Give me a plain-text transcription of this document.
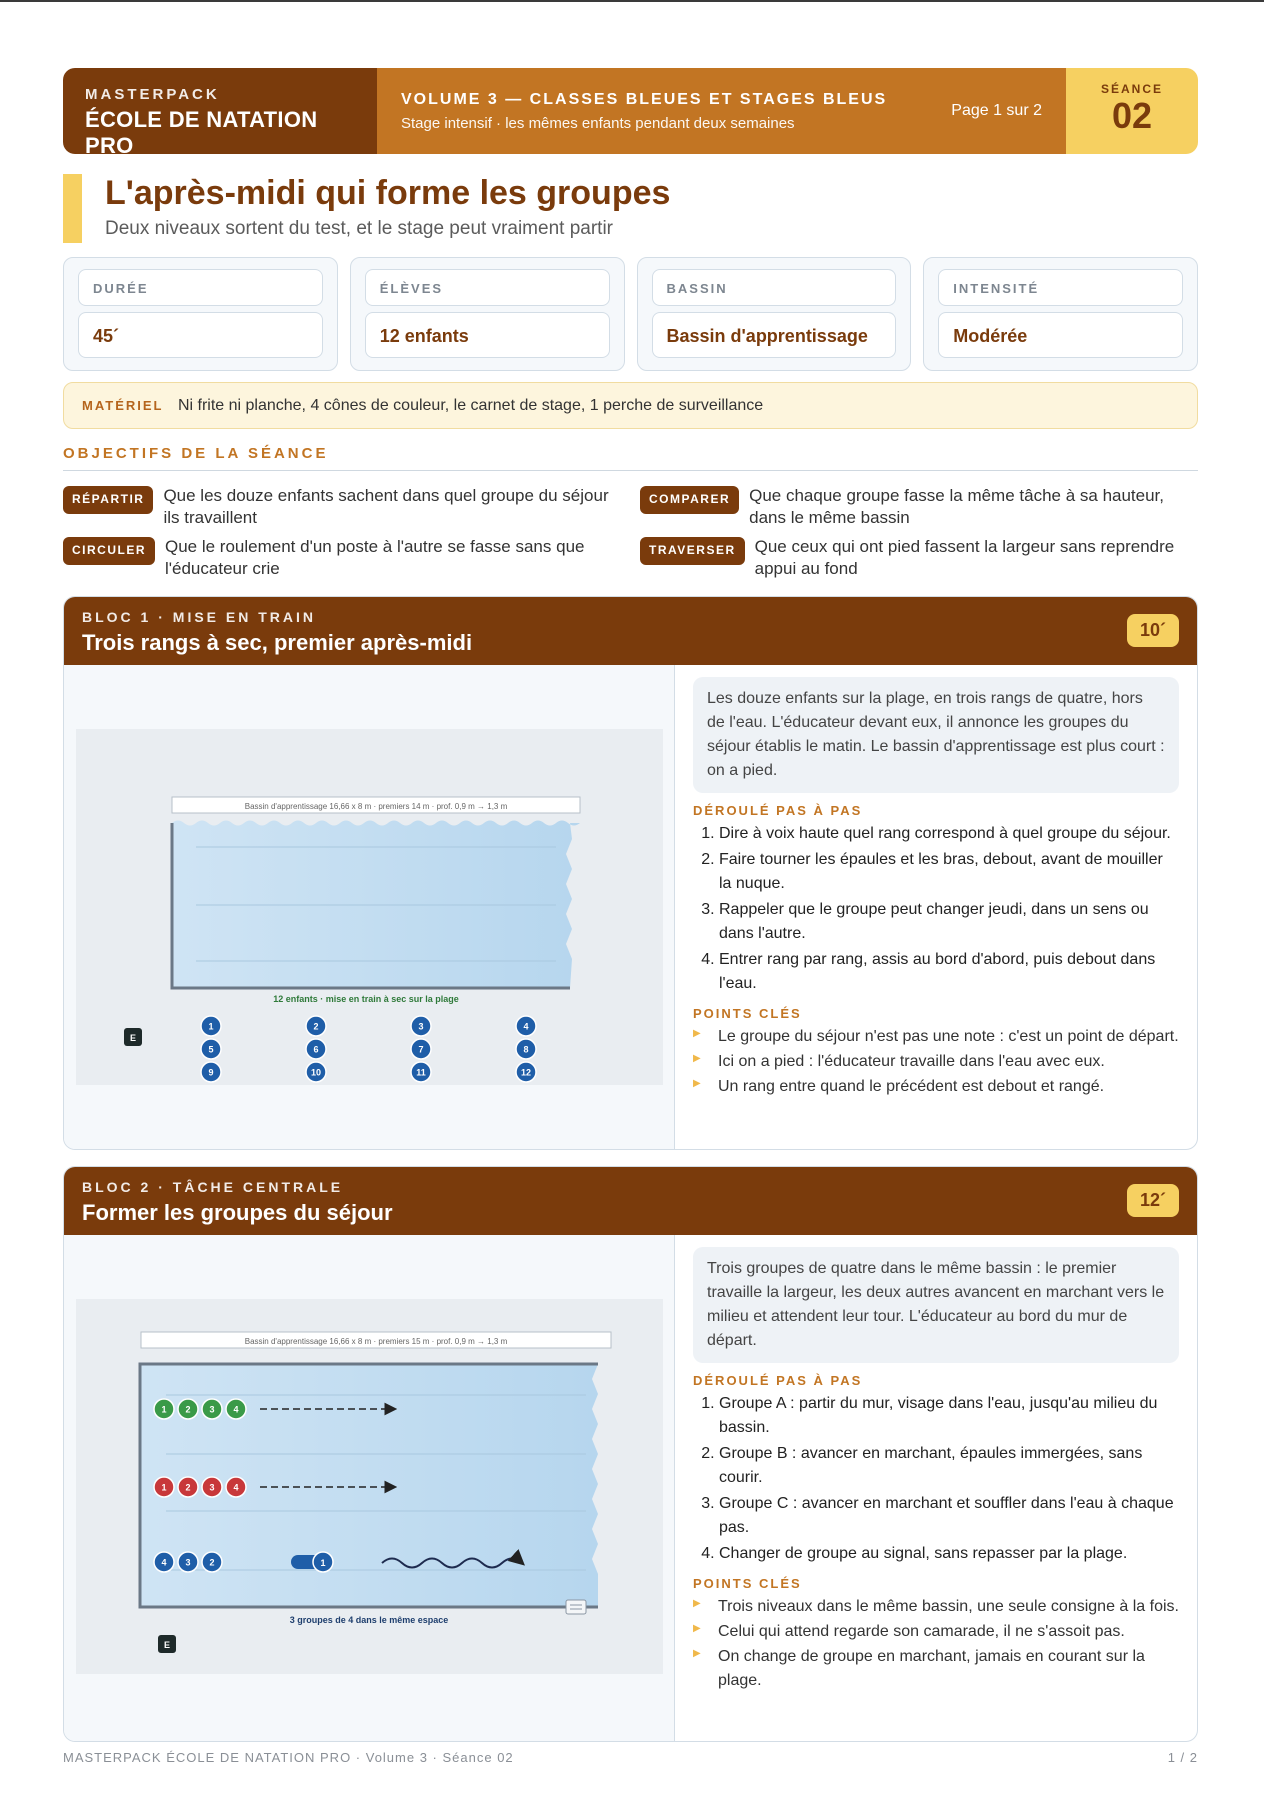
MASTERPACK
ÉCOLE DE NATATION PRO
VOLUME 3 — CLASSES BLEUES ET STAGES BLEUS
Stage intensif · les mêmes enfants pendant deux semaines
Page 1 sur 2
SÉANCE
02
L'après-midi qui forme les groupes
Deux niveaux sortent du test, et le stage peut vraiment partir
DURÉE
45´
ÉLÈVES
12 enfants
BASSIN
Bassin d'apprentissage
INTENSITÉ
Modérée
MATÉRIEL Ni frite ni planche, 4 cônes de couleur, le carnet de stage, 1 perche de surveillance
OBJECTIFS DE LA SÉANCE
RÉPARTIR	Que les douze enfants sachent dans quel groupe du séjour ils travaillent
COMPARER	Que chaque groupe fasse la même tâche à sa hauteur, dans le même bassin
CIRCULER	Que le roulement d'un poste à l'autre se fasse sans que l'éducateur crie
TRAVERSER	Que ceux qui ont pied fassent la largeur sans reprendre appui au fond
BLOC 1 · MISE EN TRAIN
Trois rangs à sec, premier après-midi	10´
Bassin d'apprentissage 16,66 x 8 m · premiers 14 m · prof. 0,9 m → 1,3 m
12 enfants · mise en train à sec sur la plage
E
1	2	3	4
5	6	7	8
9	10	11	12
Les douze enfants sur la plage, en trois rangs de quatre, hors de l'eau. L'éducateur devant eux, il annonce les groupes du séjour établis le matin. Le bassin d'apprentissage est plus court : on a pied.
DÉROULÉ PAS À PAS
1. Dire à voix haute quel rang correspond à quel groupe du séjour.
2. Faire tourner les épaules et les bras, debout, avant de mouiller la nuque.
3. Rappeler que le groupe peut changer jeudi, dans un sens ou dans l'autre.
4. Entrer rang par rang, assis au bord d'abord, puis debout dans l'eau.
POINTS CLÉS
▶ Le groupe du séjour n'est pas une note : c'est un point de départ.
▶ Ici on a pied : l'éducateur travaille dans l'eau avec eux.
▶ Un rang entre quand le précédent est debout et rangé.
BLOC 2 · TÂCHE CENTRALE
Former les groupes du séjour	12´
Bassin d'apprentissage 16,66 x 8 m · premiers 15 m · prof. 0,9 m → 1,3 m
1 2 3 4
1 2 3 4
4 3 2	1
3 groupes de 4 dans le même espace
E
Trois groupes de quatre dans le même bassin : le premier travaille la largeur, les deux autres avancent en marchant vers le milieu et attendent leur tour. L'éducateur au bord du mur de départ.
DÉROULÉ PAS À PAS
1. Groupe A : partir du mur, visage dans l'eau, jusqu'au milieu du bassin.
2. Groupe B : avancer en marchant, épaules immergées, sans courir.
3. Groupe C : avancer en marchant et souffler dans l'eau à chaque pas.
4. Changer de groupe au signal, sans repasser par la plage.
POINTS CLÉS
▶ Trois niveaux dans le même bassin, une seule consigne à la fois.
▶ Celui qui attend regarde son camarade, il ne s'assoit pas.
▶ On change de groupe en marchant, jamais en courant sur la plage.
MASTERPACK ÉCOLE DE NATATION PRO · Volume 3 · Séance 02	1 / 2
